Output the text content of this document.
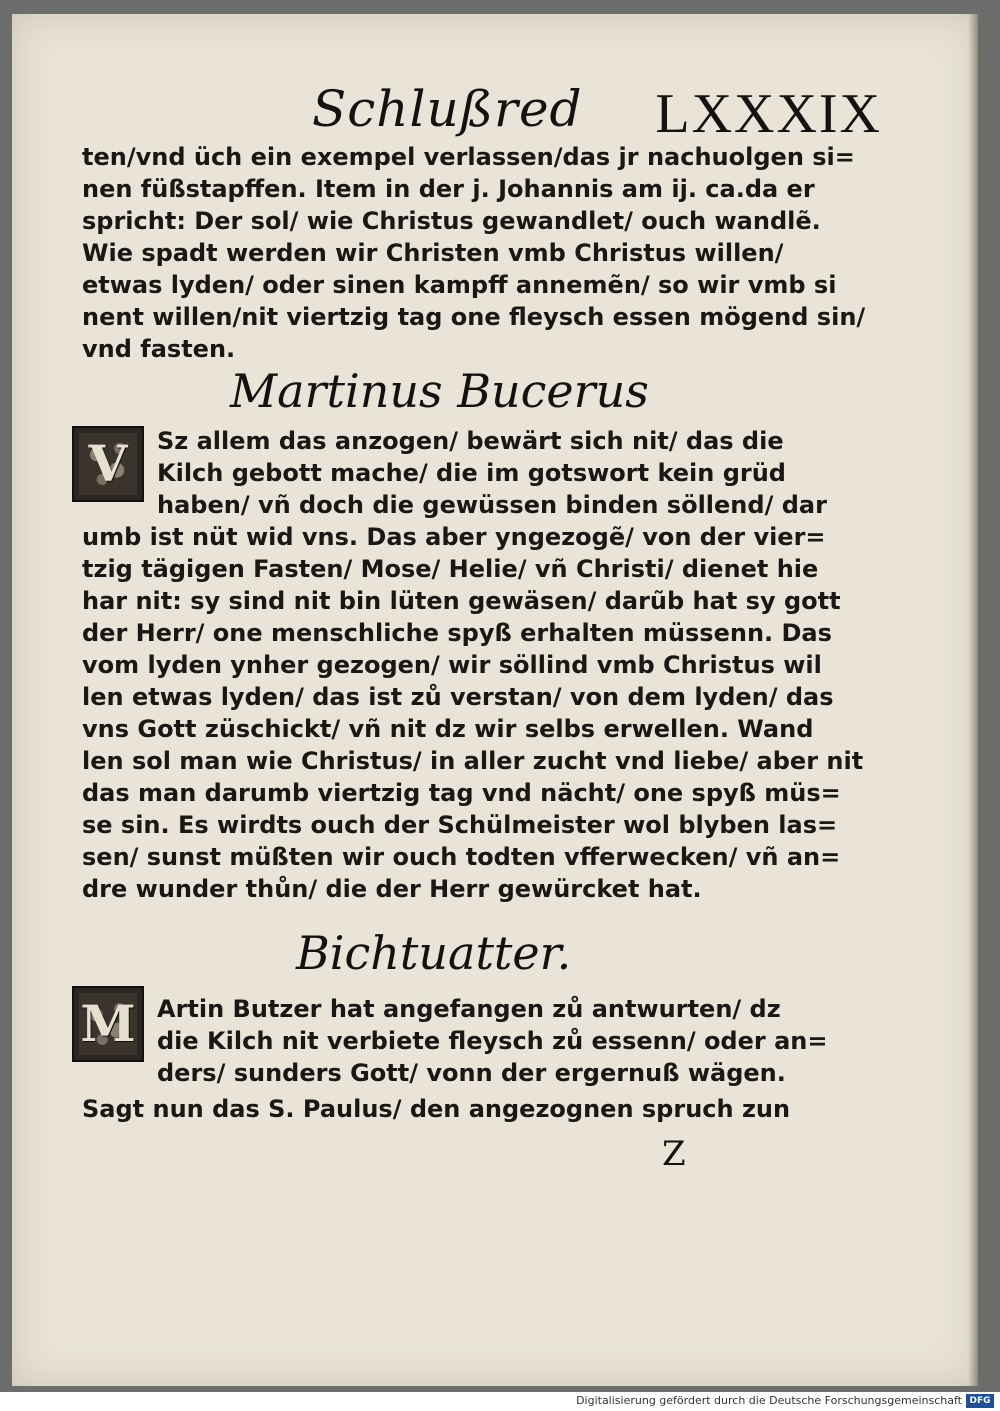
Schlußred LXXXIX
ten/vnd üch ein exempel verlassen/das jr nachuolgen si=
nen füßstapffen. Item in der j. Johannis am ij. ca.da er
spricht: Der sol/ wie Christus gewandlet/ ouch wandlẽ.
Wie spadt werden wir Christen vmb Christus willen/
etwas lyden/ oder sinen kampff annemẽn/ so wir vmb si
nent willen/nit viertzig tag one fleysch essen mögend sin/
vnd fasten.
Martinus Bucerus
V Sz allem das anzogen/ bewärt sich nit/ das die
Kilch gebott mache/ die im gotswort kein grüd
haben/ vñ doch die gewüssen binden söllend/ dar
umb ist nüt wid vns. Das aber yngezogẽ/ von der vier=
tzig tägigen Fasten/ Mose/ Helie/ vñ Christi/ dienet hie
har nit: sy sind nit bin lüten gewäsen/ darũb hat sy gott
der Herr/ one menschliche spyß erhalten müssenn. Das
vom lyden ynher gezogen/ wir söllind vmb Christus wil
len etwas lyden/ das ist zů verstan/ von dem lyden/ das
vns Gott züschickt/ vñ nit dz wir selbs erwellen. Wand
len sol man wie Christus/ in aller zucht vnd liebe/ aber nit
das man darumb viertzig tag vnd nächt/ one spyß müs=
se sin. Es wirdts ouch der Schülmeister wol blyben las=
sen/ sunst müßten wir ouch todten vfferwecken/ vñ an=
dre wunder thůn/ die der Herr gewürcket hat.
Bichtuatter.
M Artin Butzer hat angefangen zů antwurten/ dz
die Kilch nit verbiete fleysch zů essenn/ oder an=
ders/ sunders Gott/ vonn der ergernuß wägen.
Sagt nun das S. Paulus/ den angezognen spruch zun
Z
Digitalisierung gefördert durch die Deutsche Forschungsgemeinschaft DFG
